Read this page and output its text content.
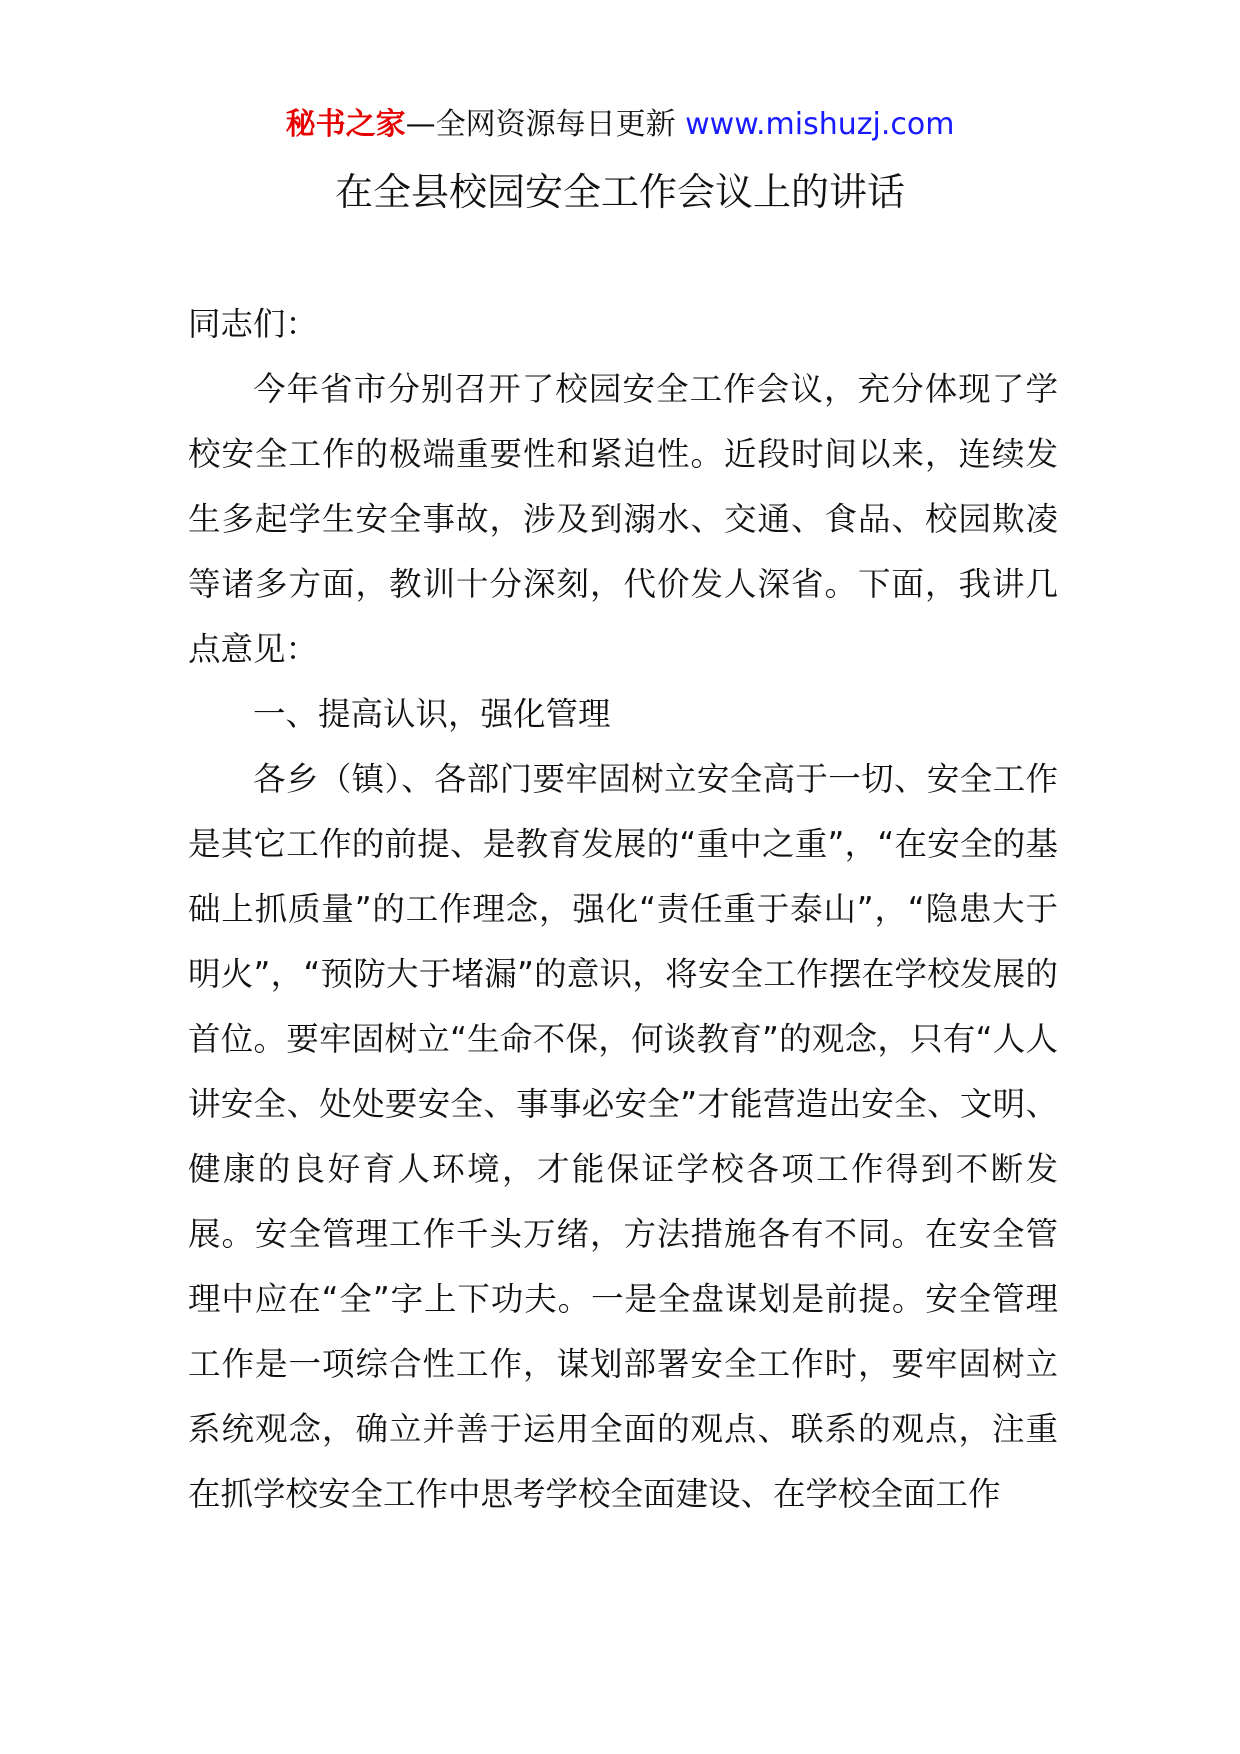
秘书之家—全网资源每日更新 www.mishuzj.com
在全县校园安全工作会议上的讲话

同志们：

今年省市分别召开了校园安全工作会议，充分体现了学校安全工作的极端重要性和紧迫性。近段时间以来，连续发生多起学生安全事故，涉及到溺水、交通、食品、校园欺凌等诸多方面，教训十分深刻，代价发人深省。下面，我讲几点意见：

一、提高认识，强化管理

各乡（镇）、各部门要牢固树立安全高于一切、安全工作是其它工作的前提、是教育发展的“重中之重”，“在安全的基础上抓质量”的工作理念，强化“责任重于泰山”，“隐患大于明火”，“预防大于堵漏”的意识，将安全工作摆在学校发展的首位。要牢固树立“生命不保，何谈教育”的观念，只有“人人讲安全、处处要安全、事事必安全”才能营造出安全、文明、健康的良好育人环境，才能保证学校各项工作得到不断发展。安全管理工作千头万绪，方法措施各有不同。在安全管理中应在“全”字上下功夫。一是全盘谋划是前提。安全管理工作是一项综合性工作，谋划部署安全工作时，要牢固树立系统观念，确立并善于运用全面的观点、联系的观点，注重在抓学校安全工作中思考学校全面建设、在学校全面工作
